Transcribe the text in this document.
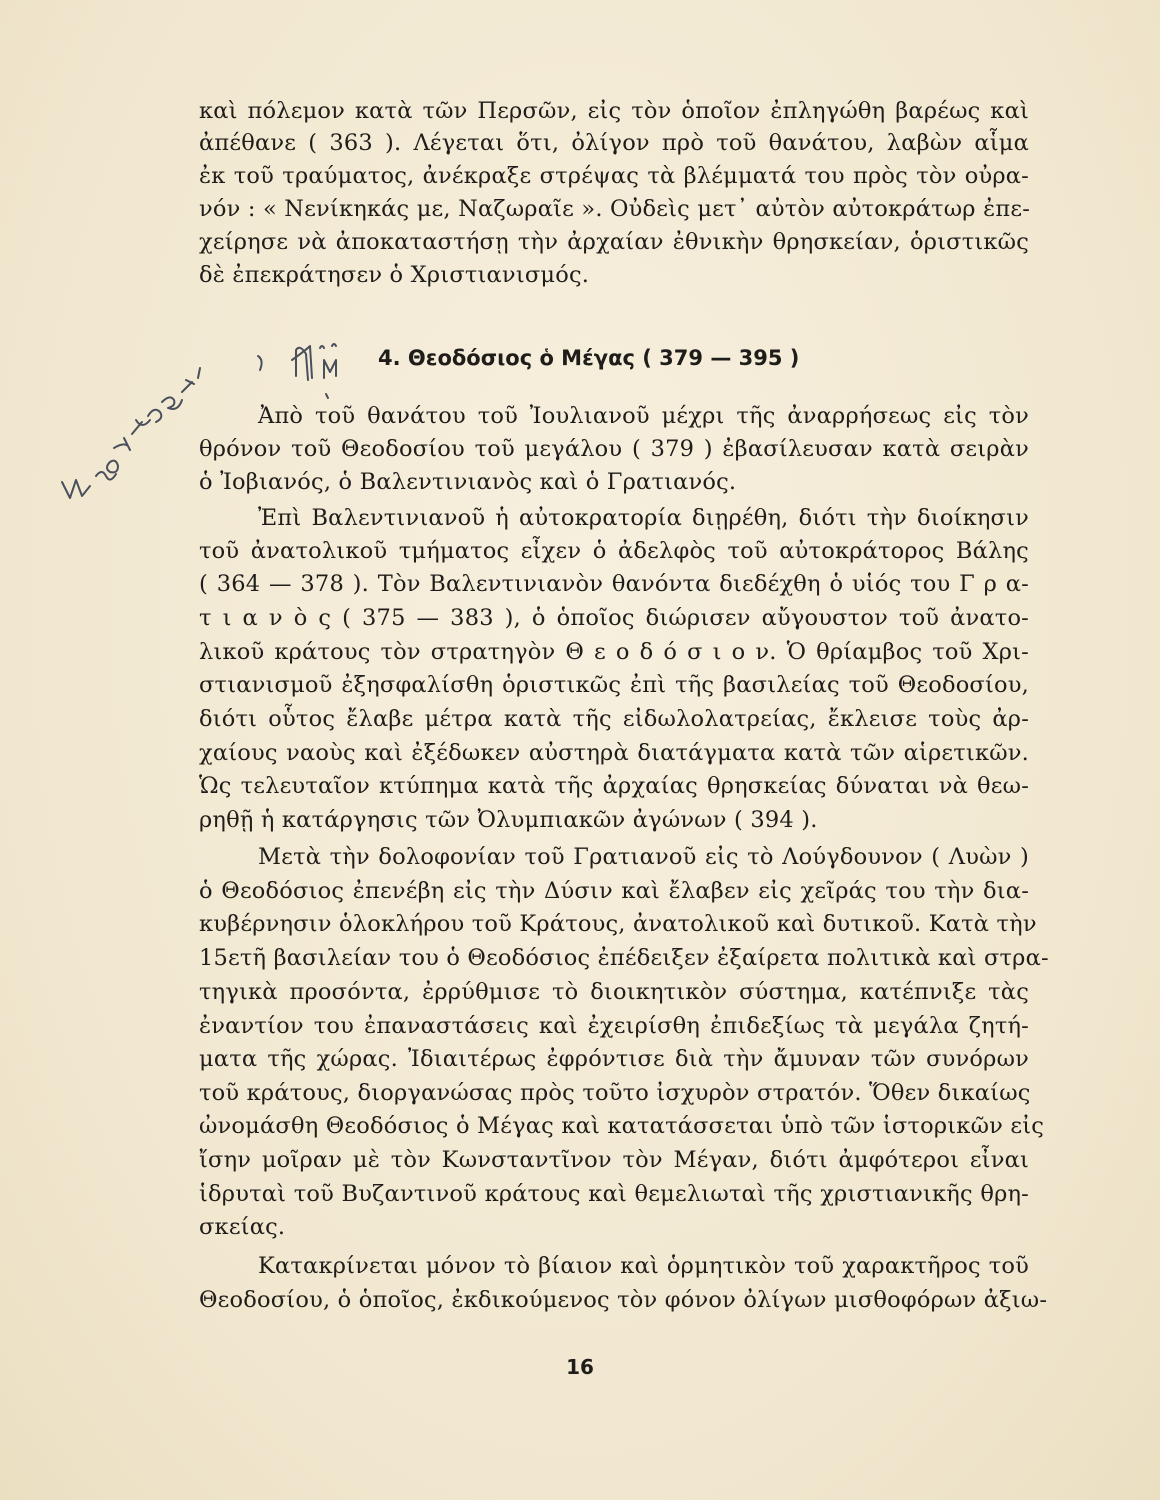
καὶ πόλεμον κατὰ τῶν Περσῶν, εἰς τὸν ὁποῖον ἐπληγώθη βαρέως καὶ
ἀπέθανε ( 363 ). Λέγεται ὅτι, ὀλίγον πρὸ τοῦ θανάτου, λαβὼν αἷμα
ἐκ τοῦ τραύματος, ἀνέκραξε στρέψας τὰ βλέμματά του πρὸς τὸν οὐρα-
νόν : « Νενίκηκάς με, Ναζωραῖε ». Οὐδεὶς μετ᾽ αὐτὸν αὐτοκράτωρ ἐπε-
χείρησε νὰ ἀποκαταστήσῃ τὴν ἀρχαίαν ἐθνικὴν θρησκείαν, ὁριστικῶς
δὲ ἐπεκράτησεν ὁ Χριστιανισμός.
4. Θεοδόσιος ὁ Μέγας ( 379 — 395 )
Ἀπὸ τοῦ θανάτου τοῦ Ἰουλιανοῦ μέχρι τῆς ἀναρρήσεως εἰς τὸν
θρόνον τοῦ Θεοδοσίου τοῦ μεγάλου ( 379 ) ἐβασίλευσαν κατὰ σειρὰν
ὁ Ἰοβιανός, ὁ Βαλεντινιανὸς καὶ ὁ Γρατιανός.
Ἐπὶ Βαλεντινιανοῦ ἡ αὐτοκρατορία διῃρέθη, διότι τὴν διοίκησιν
τοῦ ἀνατολικοῦ τμήματος εἶχεν ὁ ἀδελφὸς τοῦ αὐτοκράτορος Βάλης
( 364 — 378 ). Τὸν Βαλεντινιανὸν θανόντα διεδέχθη ὁ υἱός του Γ ρ α-
τ ι α ν ὸ ς ( 375 — 383 ), ὁ ὁποῖος διώρισεν αὔγουστον τοῦ ἀνατο-
λικοῦ κράτους τὸν στρατηγὸν Θ ε ο δ ό σ ι ο ν. Ὁ θρίαμβος τοῦ Χρι-
στιανισμοῦ ἐξησφαλίσθη ὁριστικῶς ἐπὶ τῆς βασιλείας τοῦ Θεοδοσίου,
διότι οὗτος ἔλαβε μέτρα κατὰ τῆς εἰδωλολατρείας, ἔκλεισε τοὺς ἀρ-
χαίους ναοὺς καὶ ἐξέδωκεν αὐστηρὰ διατάγματα κατὰ τῶν αἱρετικῶν.
Ὡς τελευταῖον κτύπημα κατὰ τῆς ἀρχαίας θρησκείας δύναται νὰ θεω-
ρηθῇ ἡ κατάργησις τῶν Ὀλυμπιακῶν ἀγώνων ( 394 ).
Μετὰ τὴν δολοφονίαν τοῦ Γρατιανοῦ εἰς τὸ Λούγδουνον ( Λυὼν )
ὁ Θεοδόσιος ἐπενέβη εἰς τὴν Δύσιν καὶ ἔλαβεν εἰς χεῖράς του τὴν δια-
κυβέρνησιν ὁλοκλήρου τοῦ Κράτους, ἀνατολικοῦ καὶ δυτικοῦ. Κατὰ τὴν
15ετῆ βασιλείαν του ὁ Θεοδόσιος ἐπέδειξεν ἐξαίρετα πολιτικὰ καὶ στρα-
τηγικὰ προσόντα, ἐρρύθμισε τὸ διοικητικὸν σύστημα, κατέπνιξε τὰς
ἐναντίον του ἐπαναστάσεις καὶ ἐχειρίσθη ἐπιδεξίως τὰ μεγάλα ζητή-
ματα τῆς χώρας. Ἰδιαιτέρως ἐφρόντισε διὰ τὴν ἄμυναν τῶν συνόρων
τοῦ κράτους, διοργανώσας πρὸς τοῦτο ἰσχυρὸν στρατόν. Ὅθεν δικαίως
ὠνομάσθη Θεοδόσιος ὁ Μέγας καὶ κατατάσσεται ὑπὸ τῶν ἱστορικῶν εἰς
ἴσην μοῖραν μὲ τὸν Κωνσταντῖνον τὸν Μέγαν, διότι ἀμφότεροι εἶναι
ἱδρυταὶ τοῦ Βυζαντινοῦ κράτους καὶ θεμελιωταὶ τῆς χριστιανικῆς θρη-
σκείας.
Κατακρίνεται μόνον τὸ βίαιον καὶ ὁρμητικὸν τοῦ χαρακτῆρος τοῦ
Θεοδοσίου, ὁ ὁποῖος, ἐκδικούμενος τὸν φόνον ὀλίγων μισθοφόρων ἀξιω-
16
